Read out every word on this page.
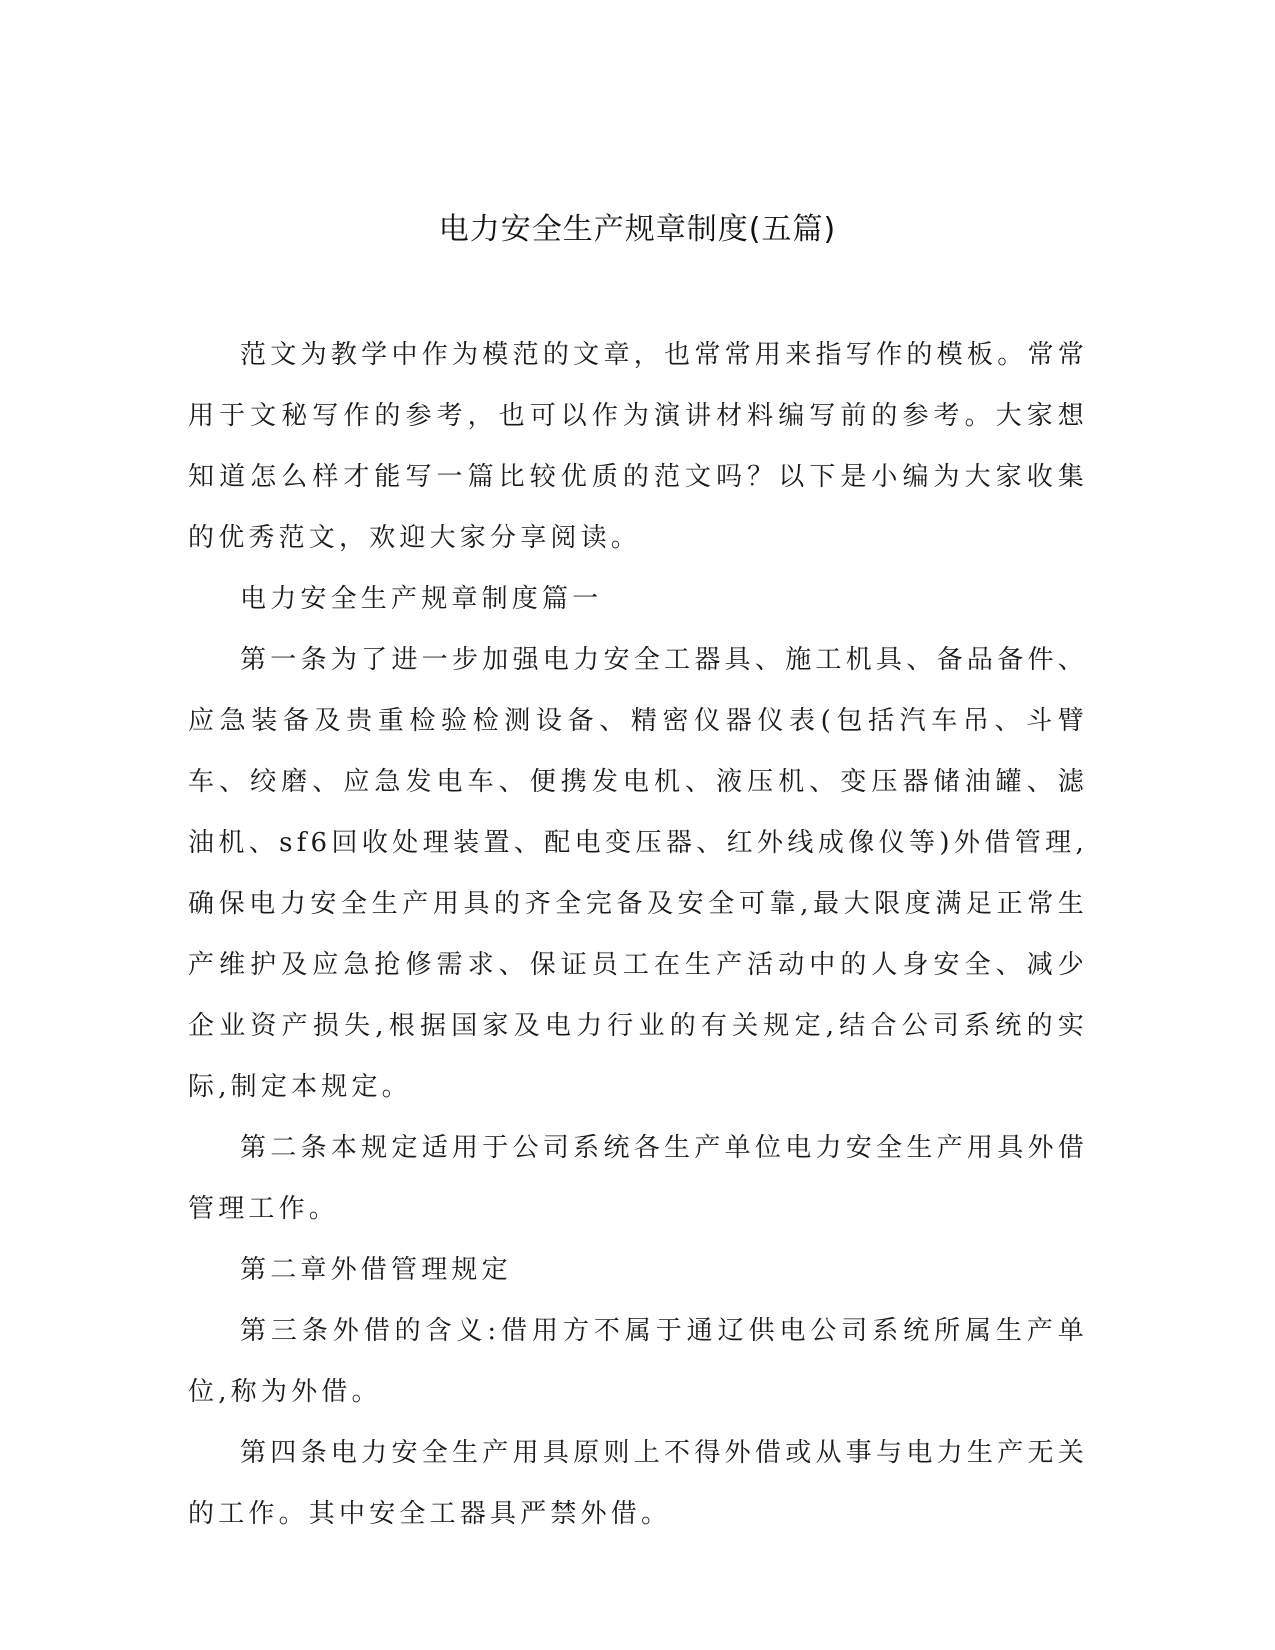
电力安全生产规章制度(五篇)

范文为教学中作为模范的文章，也常常用来指写作的模板。常常用于文秘写作的参考，也可以作为演讲材料编写前的参考。大家想知道怎么样才能写一篇比较优质的范文吗？以下是小编为大家收集的优秀范文，欢迎大家分享阅读。

电力安全生产规章制度篇一

第一条为了进一步加强电力安全工器具、施工机具、备品备件、应急装备及贵重检验检测设备、精密仪器仪表(包括汽车吊、斗臂车、绞磨、应急发电车、便携发电机、液压机、变压器储油罐、滤油机、sf6回收处理装置、配电变压器、红外线成像仪等)外借管理,确保电力安全生产用具的齐全完备及安全可靠,最大限度满足正常生产维护及应急抢修需求、保证员工在生产活动中的人身安全、减少企业资产损失,根据国家及电力行业的有关规定,结合公司系统的实际,制定本规定。

第二条本规定适用于公司系统各生产单位电力安全生产用具外借管理工作。

第二章外借管理规定

第三条外借的含义:借用方不属于通辽供电公司系统所属生产单位,称为外借。

第四条电力安全生产用具原则上不得外借或从事与电力生产无关的工作。其中安全工器具严禁外借。
